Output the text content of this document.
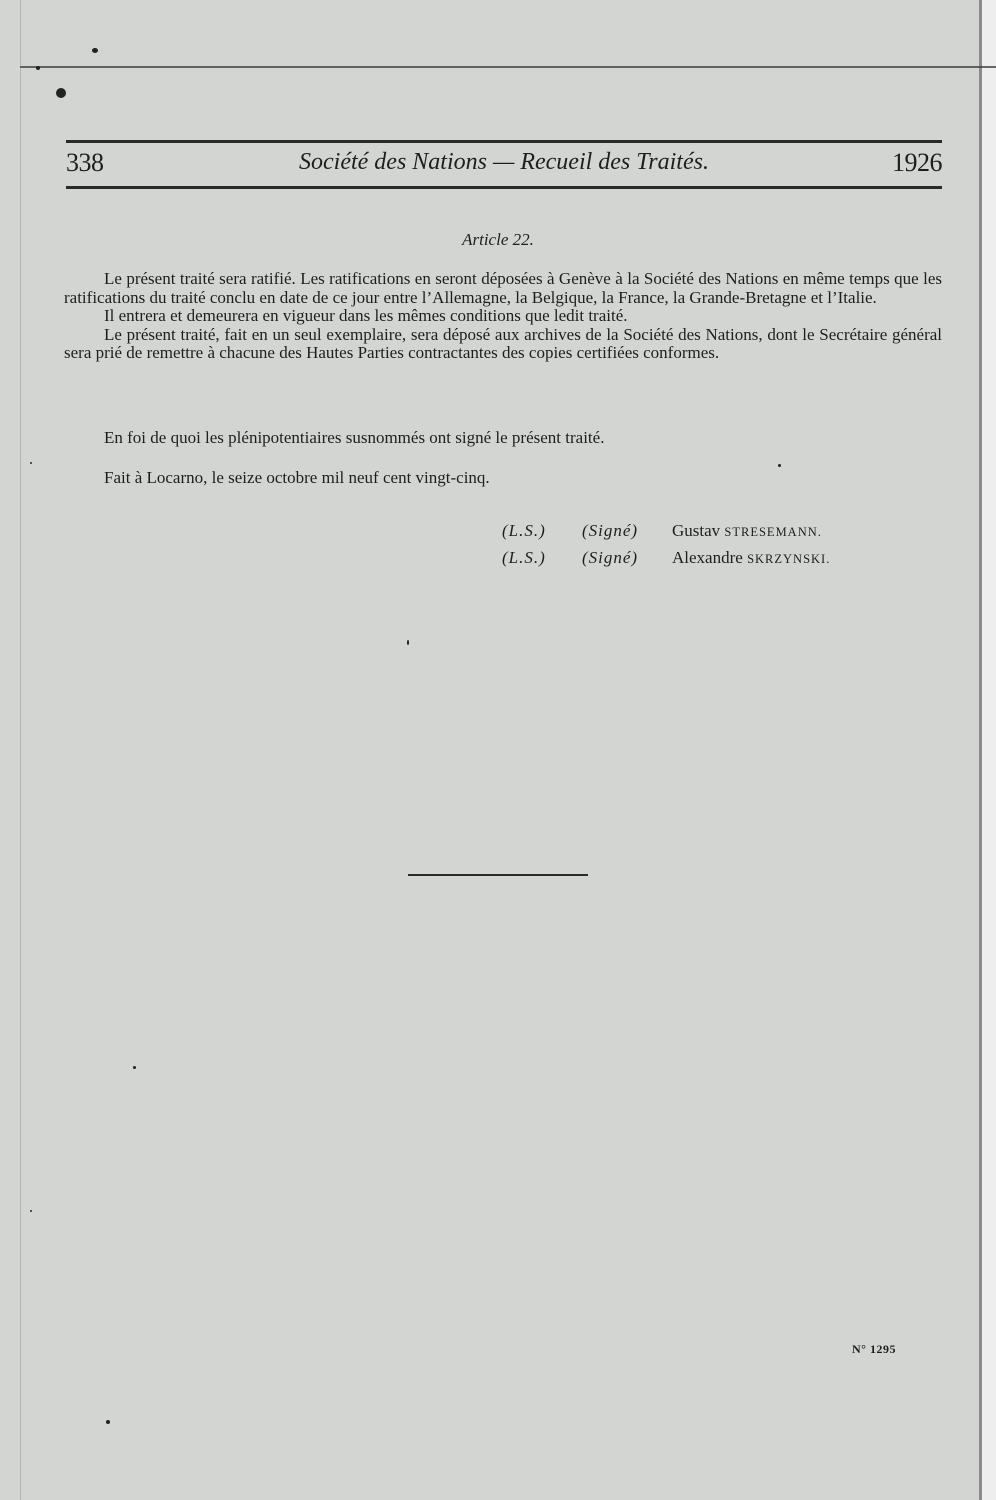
338	Société des Nations — Recueil des Traités.	1926
Article 22.

Le présent traité sera ratifié. Les ratifications en seront déposées à Genève à la Société des Nations en même temps que les ratifications du traité conclu en date de ce jour entre l’Allemagne, la Belgique, la France, la Grande-Bretagne et l’Italie.

Il entrera et demeurera en vigueur dans les mêmes conditions que ledit traité.

Le présent traité, fait en un seul exemplaire, sera déposé aux archives de la Société des Nations, dont le Secrétaire général sera prié de remettre à chacune des Hautes Parties contractantes des copies certifiées conformes.

En foi de quoi les plénipotentiaires susnommés ont signé le présent traité.

Fait à Locarno, le seize octobre mil neuf cent vingt-cinq.

(L.S.) (Signé) Gustav STRESEMANN.
(L.S.) (Signé) Alexandre SKRZYNSKI.
N° 1295
